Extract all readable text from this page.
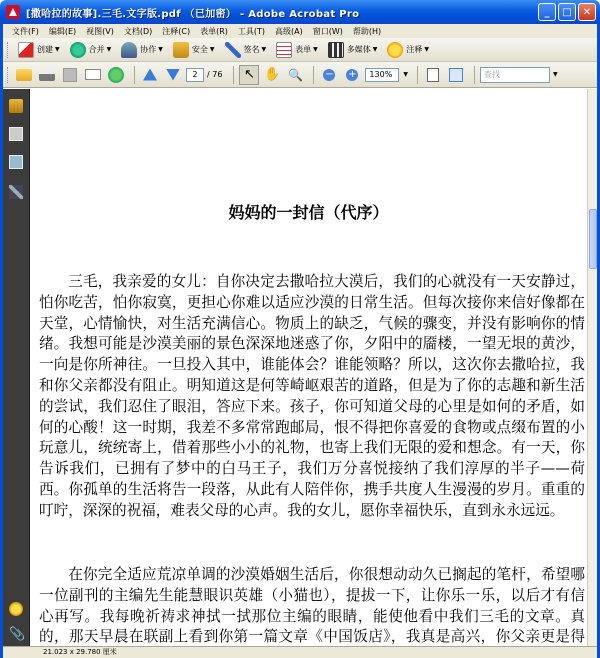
[撒哈拉的故事].三毛.文字版.pdf （已加密） - Adobe Acrobat Pro	_	□	✕
文件(F)	编辑(E)	视图(V)	文档(D)	注释(C)	表单(R)	工具(T)	高级(A)	窗口(W)	帮助(H)
创建 ▼	合并 ▼	协作 ▼	安全 ▼	签名 ▼	表单 ▼	多媒体 ▼	注释 ▼
2	/ 76 ↖ ✋ 🔍 − +	130%	▼	查找	▼
📎
妈妈的一封信（代序）

三毛，我亲爱的女儿：自你决定去撒哈拉大漠后，我们的心就没有一天安静过，怕你吃苦，怕你寂寞，更担心你难以适应沙漠的日常生活。但每次接你来信好像都在天堂，心情愉快，对生活充满信心。物质上的缺乏，气候的骤变，并没有影响你的情绪。我想可能是沙漠美丽的景色深深地迷惑了你，夕阳中的靥楼，一望无垠的黄沙，一向是你所神往。一旦投入其中，谁能体会？谁能领略？所以，这次你去撒哈拉，我和你父亲都没有阻止。明知道这是何等崎岖艰苦的道路，但是为了你的志趣和新生活的尝试，我们忍住了眼泪，答应下来。孩子，你可知道父母的心里是如何的矛盾，如何的心酸！这一时期，我差不多常常跑邮局，恨不得把你喜爱的食物或点缀布置的小玩意儿，统统寄上，借着那些小小的礼物，也寄上我们无限的爱和想念。有一天，你告诉我们，已拥有了梦中的白马王子，我们万分喜悦接纳了我们淳厚的半子——荷西。你孤单的生活将告一段落，从此有人陪伴你，携手共度人生漫漫的岁月。重重的叮咛，深深的祝福，难表父母的心声。我的女儿，愿你幸福快乐，直到永永远远。

在你完全适应荒凉单调的沙漠婚姻生活后，你很想动动久已搁起的笔杆，希望哪一位副刊的主编先生能慧眼识英雄（小猫也），提拔一下，让你乐一乐，以后才有信心再写。我每晚祈祷求神拭一拭那位主编的眼睛，能使他看中我们三毛的文章。真的，那天早晨在联副上看到你第一篇文章《中国饭店》，我真是高兴，你父亲更是得

21.023 x 29.780 厘米
